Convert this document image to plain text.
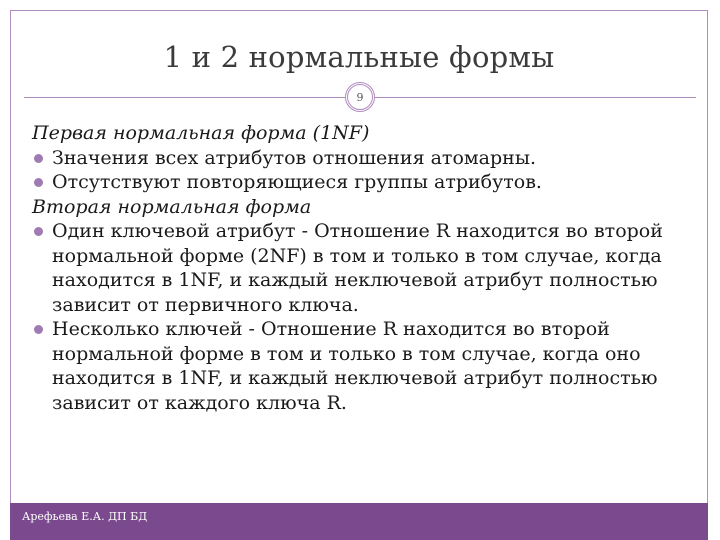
1 и 2 нормальные формы
9

Первая нормальная форма (1NF)

Значения всех атрибутов отношения атомарны.

Отсутствуют повторяющиеся группы атрибутов.

Вторая нормальная форма

Один ключевой атрибут - Отношение R находится во второй нормальной форме (2NF) в том и только в том случае, когда находится в 1NF, и каждый неключевой атрибут полностью зависит от первичного ключа.

Несколько ключей - Отношение R находится во второй нормальной форме в том и только в том случае, когда оно находится в 1NF, и каждый неключевой атрибут полностью зависит от каждого ключа R.

Арефьева Е.А. ДП БД
